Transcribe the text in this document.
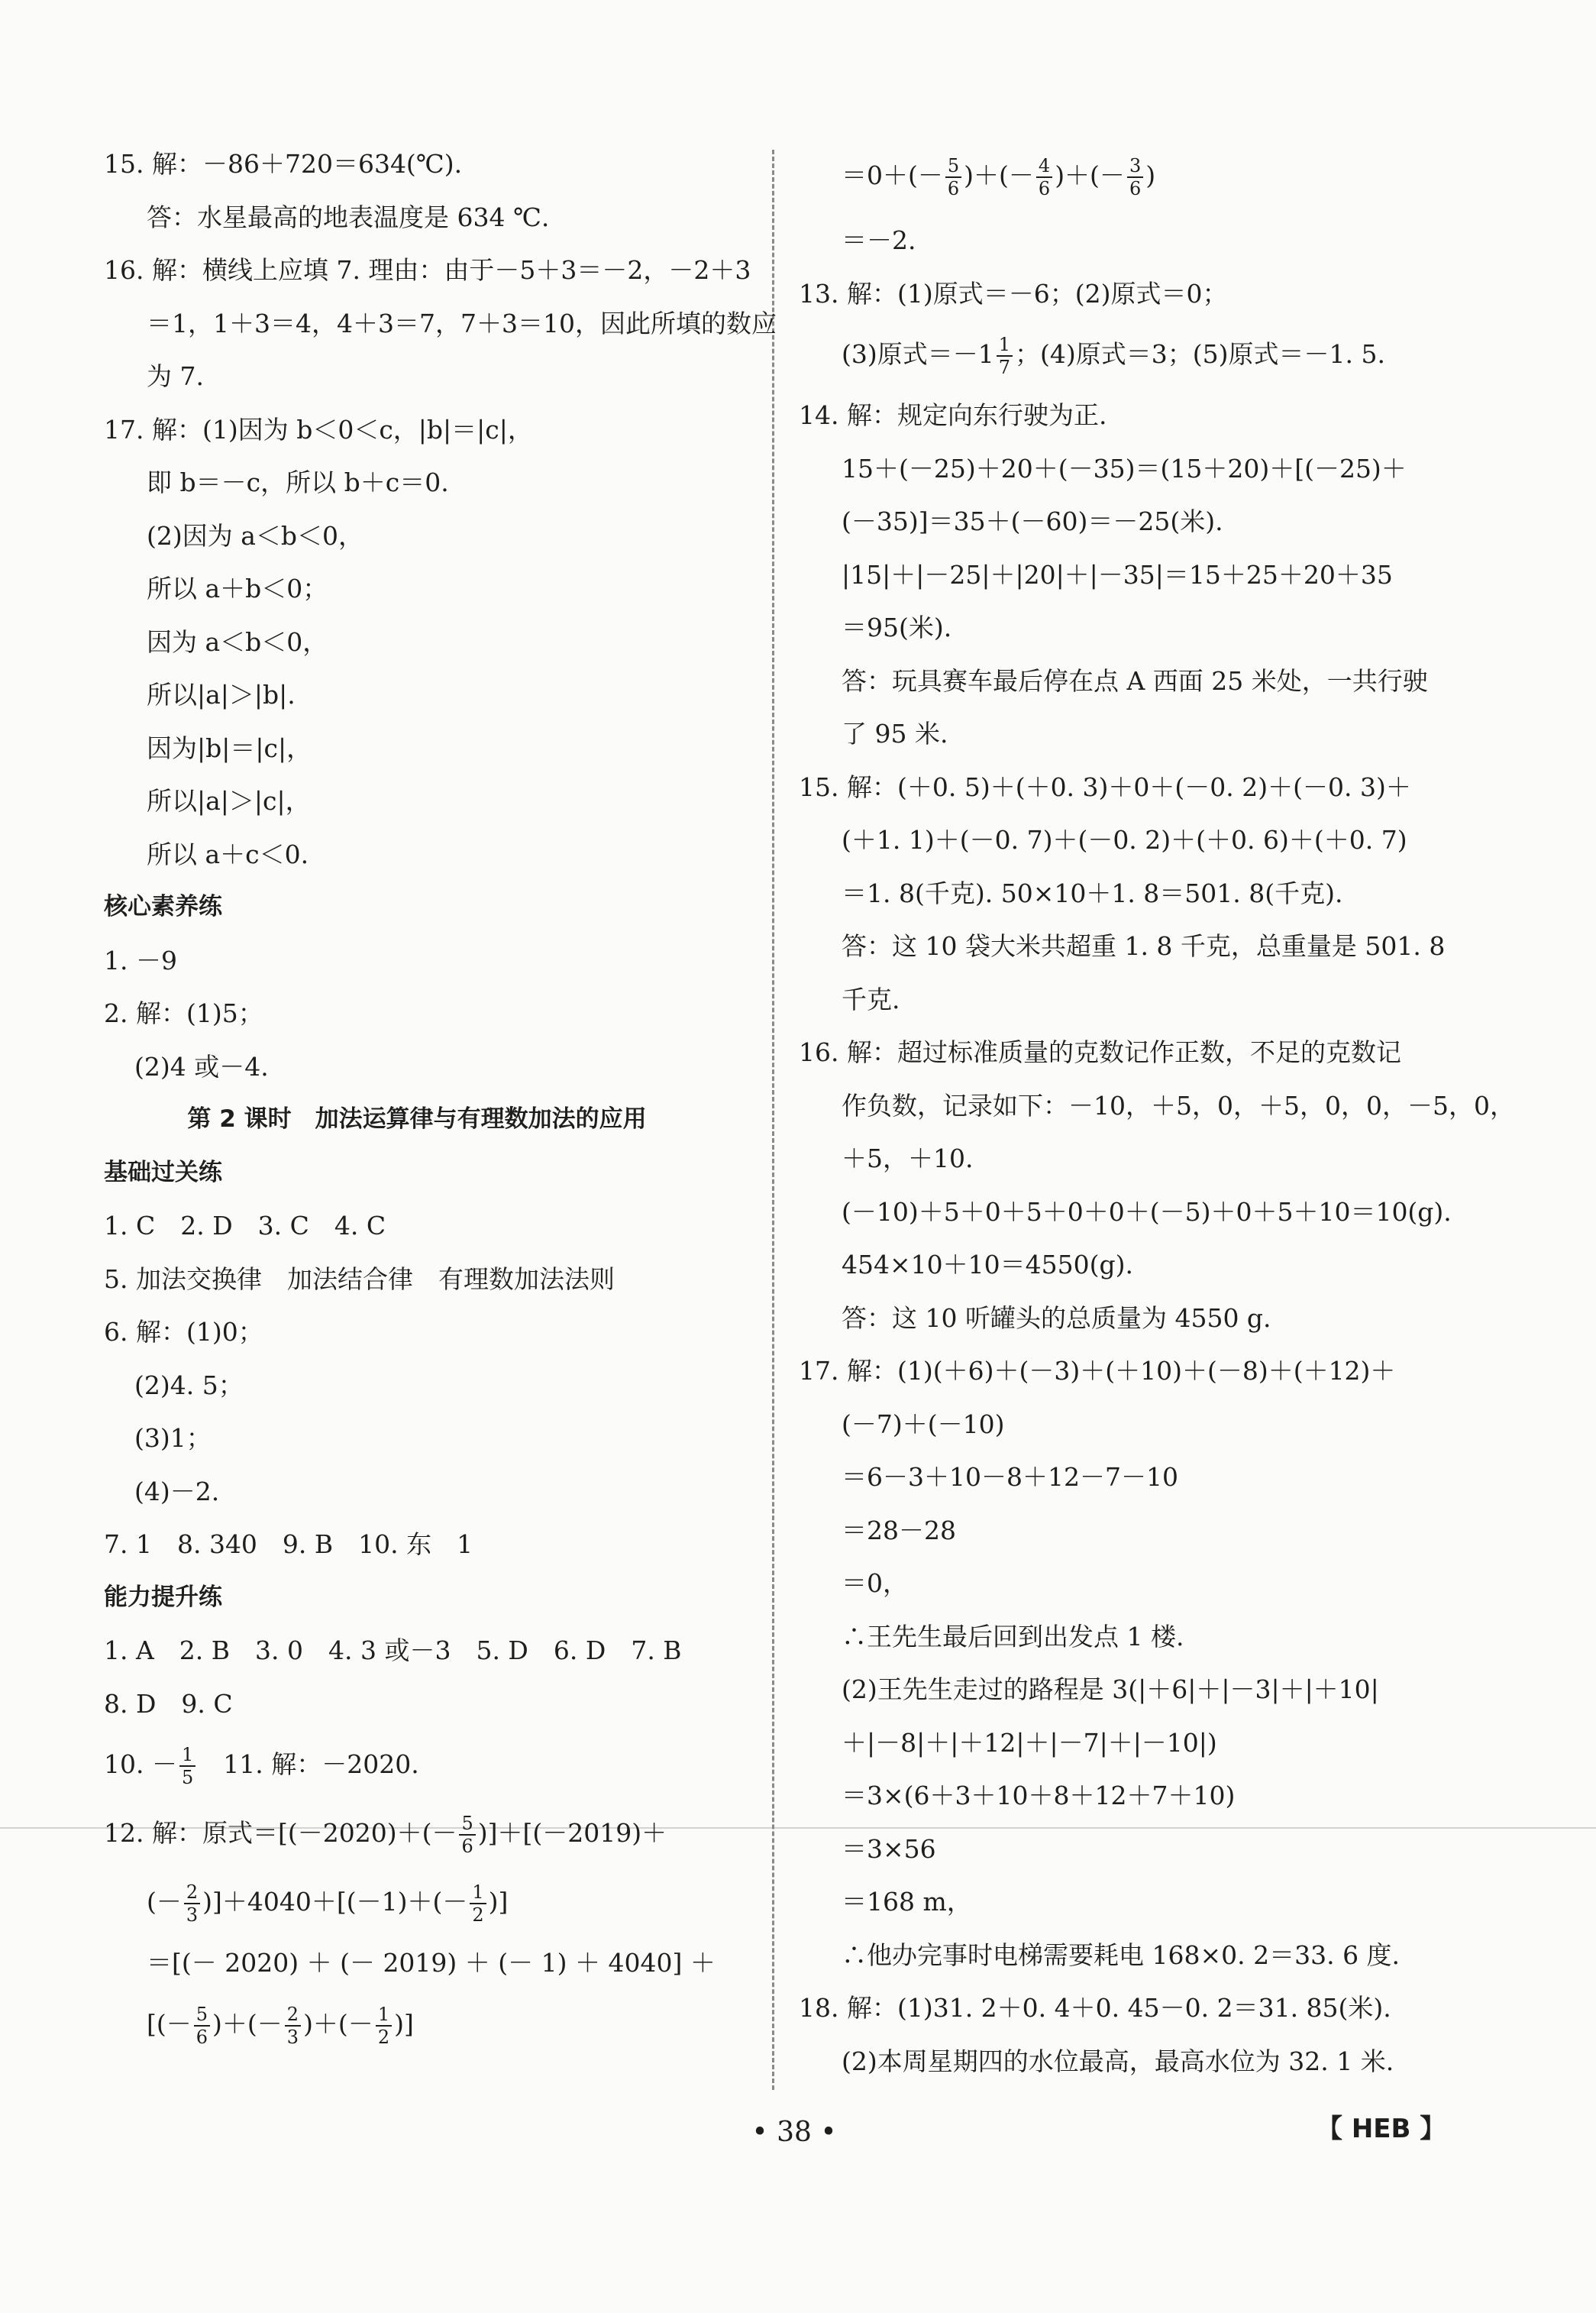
15. 解：－86＋720＝634(℃).
答：水星最高的地表温度是 634 ℃.
16. 解：横线上应填 7. 理由：由于－5＋3＝－2，－2＋3
＝1，1＋3＝4，4＋3＝7，7＋3＝10，因此所填的数应
为 7.
17. 解：(1)因为 b＜0＜c，|b|＝|c|，
即 b＝－c，所以 b＋c＝0.
(2)因为 a＜b＜0，
所以 a＋b＜0；
因为 a＜b＜0，
所以|a|＞|b|.
因为|b|＝|c|，
所以|a|＞|c|，
所以 a＋c＜0.
核心素养练
1. －9
2. 解：(1)5；
(2)4 或－4.
第 2 课时　加法运算律与有理数加法的应用
基础过关练
1. C　2. D　3. C　4. C
5. 加法交换律　加法结合律　有理数加法法则
6. 解：(1)0；
(2)4. 5；
(3)1；
(4)－2.
7. 1　8. 340　9. B　10. 东　1
能力提升练
1. A　2. B　3. 0　4. 3 或－3　5. D　6. D　7. B
8. D　9. C
10. － $\frac{1}{5}$ 　11. 解：－2020.
12. 解：原式$=[(-2020)+(- \frac{5}{6} )]+[(-2019)+$
(－ $\frac{2}{3} )]+4040+[(-1)+(- \frac{1}{2}$ )]
＝[(－ 2020) ＋ (－ 2019) ＋ (－ 1) ＋ 4040] ＋
[(－ $\frac{5}{6}$ )＋(－ $\frac{2}{3}$ )＋(－ $\frac{1}{2}$ )]
$=0+(- \frac{5}{6}$ )＋(－ $\frac{4}{6}$ )＋(－ $\frac{3}{6}$ )
＝－2.
13. 解：(1)原式＝－6；(2)原式＝0；
(3)原式$=-1 \frac{1}{7}$ ；(4)原式＝3；(5)原式＝－1. 5.
14. 解：规定向东行驶为正.
15＋(－25)＋20＋(－35)＝(15＋20)＋[(－25)＋
(－35)]＝35＋(－60)＝－25(米).
|15|＋|－25|＋|20|＋|－35|＝15＋25＋20＋35
＝95(米).
答：玩具赛车最后停在点 A 西面 25 米处，一共行驶
了 95 米.
15. 解：(＋0. 5)＋(＋0. 3)＋0＋(－0. 2)＋(－0. 3)＋
(＋1. 1)＋(－0. 7)＋(－0. 2)＋(＋0. 6)＋(＋0. 7)
＝1. 8(千克). 50×10＋1. 8＝501. 8(千克).
答：这 10 袋大米共超重 1. 8 千克，总重量是 501. 8
千克.
16. 解：超过标准质量的克数记作正数，不足的克数记
作负数，记录如下：－10，＋5，0，＋5，0，0，－5，0，
＋5，＋10.
(－10)＋5＋0＋5＋0＋0＋(－5)＋0＋5＋10＝10(g).
454×10＋10＝4550(g).
答：这 10 听罐头的总质量为 4550 g.
17. 解：(1)(＋6)＋(－3)＋(＋10)＋(－8)＋(＋12)＋
(－7)＋(－10)
＝6－3＋10－8＋12－7－10
＝28－28
＝0，
∴王先生最后回到出发点 1 楼.
(2)王先生走过的路程是 3(|＋6|＋|－3|＋|＋10|
＋|－8|＋|＋12|＋|－7|＋|－10|)
＝3×(6＋3＋10＋8＋12＋7＋10)
＝3×56
＝168 m，
∴他办完事时电梯需要耗电 168×0. 2＝33. 6 度.
18. 解：(1)31. 2＋0. 4＋0. 45－0. 2＝31. 85(米).
(2)本周星期四的水位最高，最高水位为 32. 1 米.
• 38 •	【 HEB 】
